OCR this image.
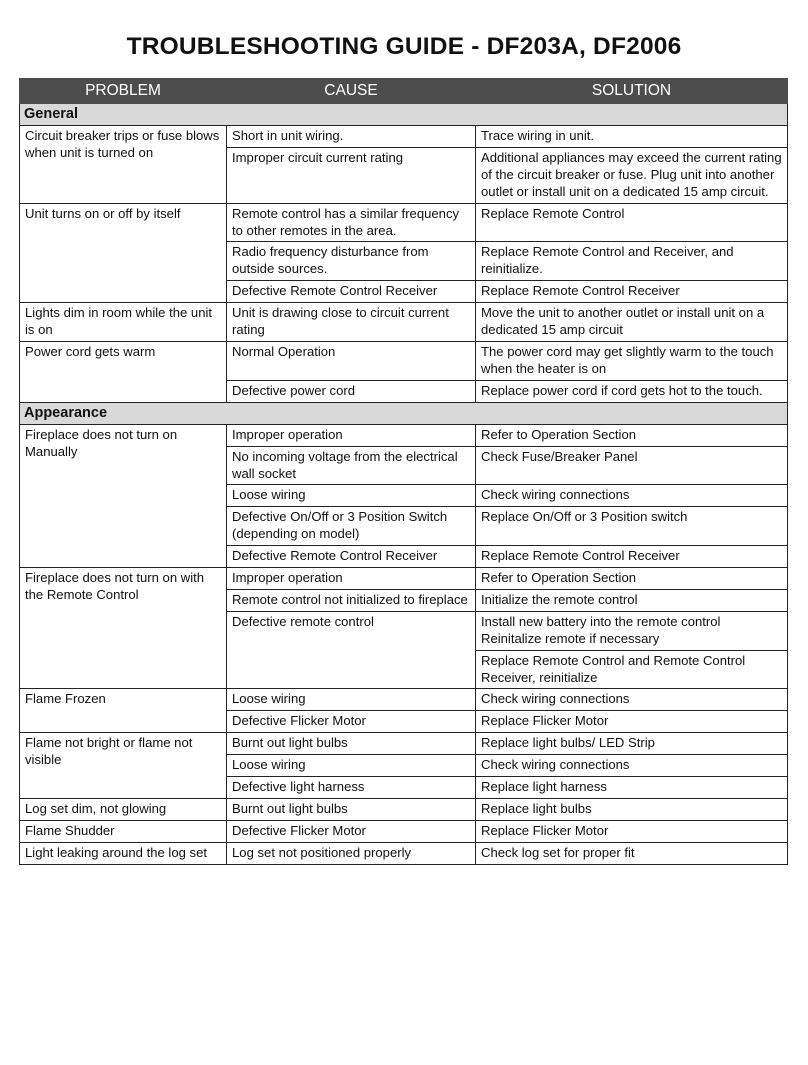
TROUBLESHOOTING GUIDE - DF203A, DF2006
PROBLEM	CAUSE	SOLUTION
General		
Circuit breaker trips or fuse blows when unit is turned on	Short in unit wiring.	Trace wiring in unit.
	Improper circuit current rating	Additional appliances may exceed the current rating of the circuit breaker or fuse. Plug unit into another outlet or install unit on a dedicated 15 amp circuit.
Unit turns on or off by itself	Remote control has a similar frequency to other remotes in the area.	Replace Remote Control
	Radio frequency disturbance from outside sources.	Replace Remote Control and Receiver, and reinitialize.
	Defective Remote Control Receiver	Replace Remote Control Receiver
Lights dim in room while the unit is on	Unit is drawing close to circuit current rating	Move the unit to another outlet or install unit on a dedicated 15 amp circuit
Power cord gets warm	Normal Operation	The power cord may get slightly warm to the touch when the heater is on
	Defective power cord	Replace power cord if cord gets hot to the touch.
Appearance		
Fireplace does not turn on Manually	Improper operation	Refer to Operation Section
	No incoming voltage from the electrical wall socket	Check Fuse/Breaker Panel
	Loose wiring	Check wiring connections
	Defective On/Off or 3 Position Switch (depending on model)	Replace On/Off or 3 Position switch
	Defective Remote Control Receiver	Replace Remote Control Receiver
Fireplace does not turn on with the Remote Control	Improper operation	Refer to Operation Section
	Remote control not initialized to fireplace	Initialize the remote control
	Defective remote control	Install new battery into the remote control Reinitalize remote if necessary
		Replace Remote Control and Remote Control Receiver, reinitialize
Flame Frozen	Loose wiring	Check wiring connections
	Defective Flicker Motor	Replace Flicker Motor
Flame not bright or flame not visible	Burnt out light bulbs	Replace light bulbs/ LED Strip
	Loose wiring	Check wiring connections
	Defective light harness	Replace light harness
Log set dim, not glowing	Burnt out light bulbs	Replace light bulbs
Flame Shudder	Defective Flicker Motor	Replace Flicker Motor
Light leaking around the log set	Log set not positioned properly	Check log set for proper fit
